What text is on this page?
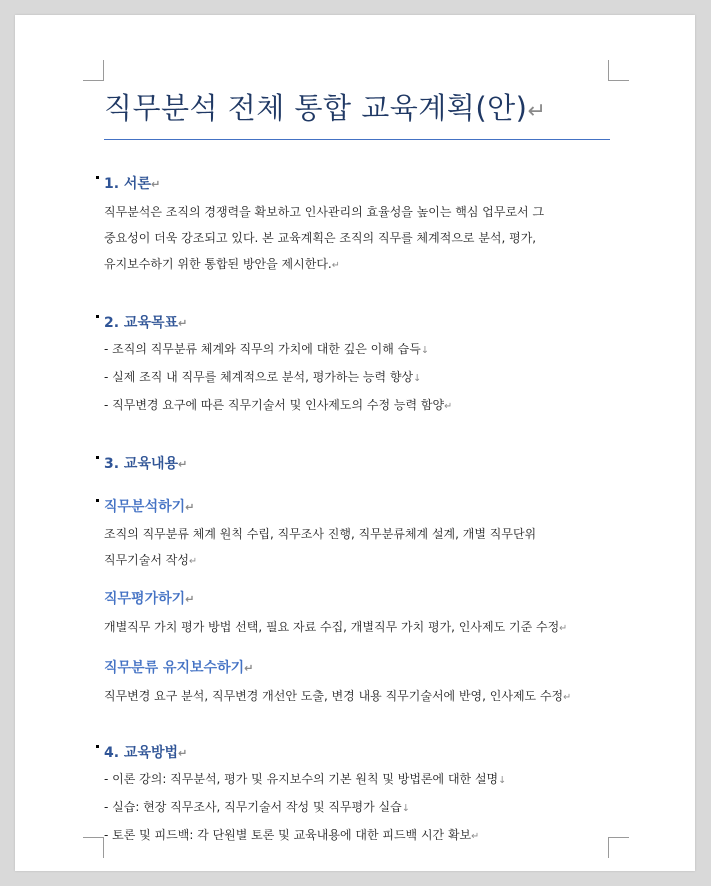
직무분석 전체 통합 교육계획(안)↵
1. 서론↵
직무분석은 조직의 경쟁력을 확보하고 인사관리의 효율성을 높이는 핵심 업무로서 그
중요성이 더욱 강조되고 있다. 본 교육계획은 조직의 직무를 체계적으로 분석, 평가,
유지보수하기 위한 통합된 방안을 제시한다.↵
2. 교육목표↵
- 조직의 직무분류 체계와 직무의 가치에 대한 깊은 이해 습득↓
- 실제 조직 내 직무를 체계적으로 분석, 평가하는 능력 향상↓
- 직무변경 요구에 따른 직무기술서 및 인사제도의 수정 능력 함양↵
3. 교육내용↵
직무분석하기↵
조직의 직무분류 체계 원칙 수립, 직무조사 진행, 직무분류체계 설계, 개별 직무단위
직무기술서 작성↵
직무평가하기↵
개별직무 가치 평가 방법 선택, 필요 자료 수집, 개별직무 가치 평가, 인사제도 기준 수정↵
직무분류 유지보수하기↵
직무변경 요구 분석, 직무변경 개선안 도출, 변경 내용 직무기술서에 반영, 인사제도 수정↵
4. 교육방법↵
- 이론 강의: 직무분석, 평가 및 유지보수의 기본 원칙 및 방법론에 대한 설명↓
- 실습: 현장 직무조사, 직무기술서 작성 및 직무평가 실습↓
- 토론 및 피드백: 각 단원별 토론 및 교육내용에 대한 피드백 시간 확보↵
